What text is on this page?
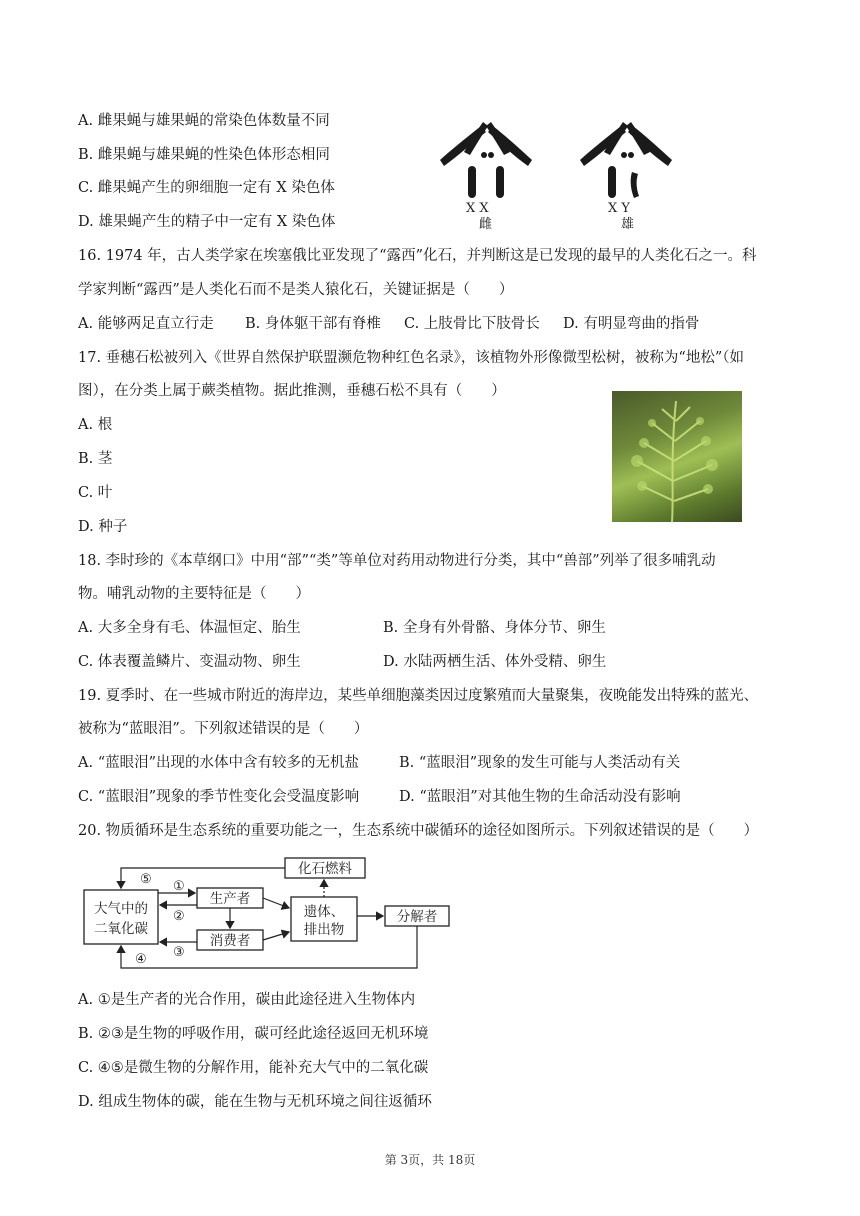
A. 雌果蝇与雄果蝇的常染色体数量不同
B. 雌果蝇与雄果蝇的性染色体形态相同
C. 雌果蝇产生的卵细胞一定有 X 染色体
D. 雄果蝇产生的精子中一定有 X 染色体
X X
雌
X Y
雄
16. 1974 年，古人类学家在埃塞俄比亚发现了“露西”化石，并判断这是已发现的最早的人类化石之一。科
学家判断“露西”是人类化石而不是类人猿化石，关键证据是（　　）
A. 能够两足直立行走 B. 身体躯干部有脊椎 C. 上肢骨比下肢骨长 D. 有明显弯曲的指骨
17. 垂穗石松被列入《世界自然保护联盟濒危物种红色名录》，该植物外形像微型松树，被称为“地松”（如
图），在分类上属于蕨类植物。据此推测，垂穗石松不具有（　　）
A. 根
B. 茎
C. 叶
D. 种子
18. 李时珍的《本草纲口》中用“部”“类”等单位对药用动物进行分类，其中“兽部”列举了很多哺乳动
物。哺乳动物的主要特征是（　　）
A. 大多全身有毛、体温恒定、胎生	B. 全身有外骨骼、身体分节、卵生
C. 体表覆盖鳞片、变温动物、卵生	D. 水陆两栖生活、体外受精、卵生
19. 夏季时、在一些城市附近的海岸边，某些单细胞藻类因过度繁殖而大量聚集，夜晚能发出特殊的蓝光、
被称为“蓝眼泪”。下列叙述错误的是（　　）
A. “蓝眼泪”出现的水体中含有较多的无机盐	B. “蓝眼泪”现象的发生可能与人类活动有关
C. “蓝眼泪”现象的季节性变化会受温度影响	D. “蓝眼泪”对其他生物的生命活动没有影响
20. 物质循环是生态系统的重要功能之一，生态系统中碳循环的途径如图所示。下列叙述错误的是（　　）
大气中的
二氧化碳
生产者
消费者
遗体、
排出物
分解者
化石燃料
⑤ ①
②
③
④
A. ①是生产者的光合作用，碳由此途径进入生物体内
B. ②③是生物的呼吸作用，碳可经此途径返回无机环境
C. ④⑤是微生物的分解作用，能补充大气中的二氧化碳
D. 组成生物体的碳，能在生物与无机环境之间往返循环
第 3页，共 18页
